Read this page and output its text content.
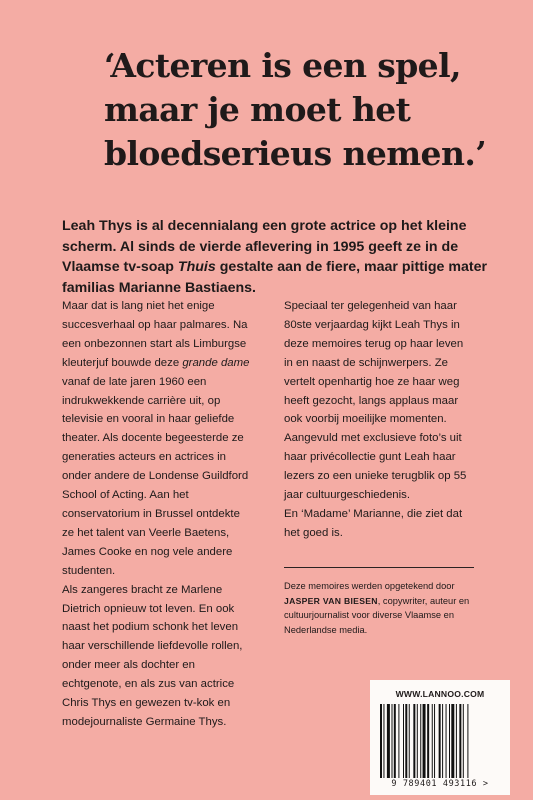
‘Acteren is een spel,
maar je moet het
bloedserieus nemen.’

Leah Thys is al decennialang een grote actrice op het kleine scherm. Al sinds de vierde aflevering in 1995 geeft ze in de Vlaamse tv-soap Thuis gestalte aan de fiere, maar pittige mater familias Marianne Bastiaens.

Maar dat is lang niet het enige succesverhaal op haar palmares. Na een onbezonnen start als Limburgse kleuterjuf bouwde deze grande dame vanaf de late jaren 1960 een indrukwekkende carrière uit, op televisie en vooral in haar geliefde theater. Als docente begeesterde ze generaties acteurs en actrices in onder andere de Londense Guildford School of Acting. Aan het conservatorium in Brussel ontdekte ze het talent van Veerle Baetens, James Cooke en nog vele andere studenten.

Als zangeres bracht ze Marlene Dietrich opnieuw tot leven. En ook naast het podium schonk het leven haar verschillende liefdevolle rollen, onder meer als dochter en echtgenote, en als zus van actrice Chris Thys en gewezen tv-kok en modejournaliste Germaine Thys.

Speciaal ter gelegenheid van haar 80ste verjaardag kijkt Leah Thys in deze memoires terug op haar leven in en naast de schijnwerpers. Ze vertelt openhartig hoe ze haar weg heeft gezocht, langs applaus maar ook voorbij moeilijke momenten.

Aangevuld met exclusieve foto’s uit haar privécollectie gunt Leah haar lezers zo een unieke terugblik op 55 jaar cultuurgeschiedenis.

En ‘Madame’ Marianne, die ziet dat het goed is.

Deze memoires werden opgetekend door JASPER VAN BIESEN, copywriter, auteur en cultuurjournalist voor diverse Vlaamse en Nederlandse media.

WWW.LANNOO.COM
9 789401 493116 >
